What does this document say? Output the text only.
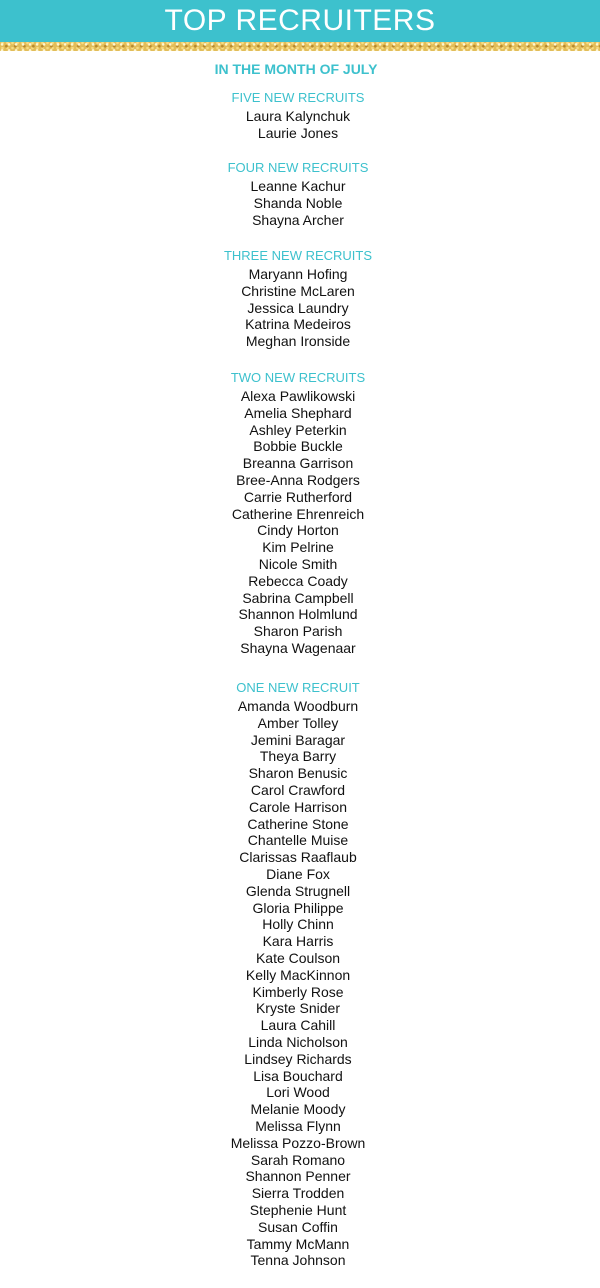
TOP RECRUITERS
IN THE MONTH OF JULY
FIVE NEW RECRUITS
Laura Kalynchuk
Laurie Jones
FOUR NEW RECRUITS
Leanne Kachur
Shanda Noble
Shayna Archer
THREE NEW RECRUITS
Maryann Hofing
Christine McLaren
Jessica Laundry
Katrina Medeiros
Meghan Ironside
TWO NEW RECRUITS
Alexa Pawlikowski
Amelia Shephard
Ashley Peterkin
Bobbie Buckle
Breanna Garrison
Bree-Anna Rodgers
Carrie Rutherford
Catherine Ehrenreich
Cindy Horton
Kim Pelrine
Nicole Smith
Rebecca Coady
Sabrina Campbell
Shannon Holmlund
Sharon Parish
Shayna Wagenaar
ONE NEW RECRUIT
Amanda Woodburn
Amber Tolley
Jemini Baragar
Theya Barry
Sharon Benusic
Carol Crawford
Carole Harrison
Catherine Stone
Chantelle Muise
Clarissas Raaflaub
Diane Fox
Glenda Strugnell
Gloria Philippe
Holly Chinn
Kara Harris
Kate Coulson
Kelly MacKinnon
Kimberly Rose
Kryste Snider
Laura Cahill
Linda Nicholson
Lindsey Richards
Lisa Bouchard
Lori Wood
Melanie Moody
Melissa Flynn
Melissa Pozzo-Brown
Sarah Romano
Shannon Penner
Sierra Trodden
Stephenie Hunt
Susan Coffin
Tammy McMann
Tenna Johnson
